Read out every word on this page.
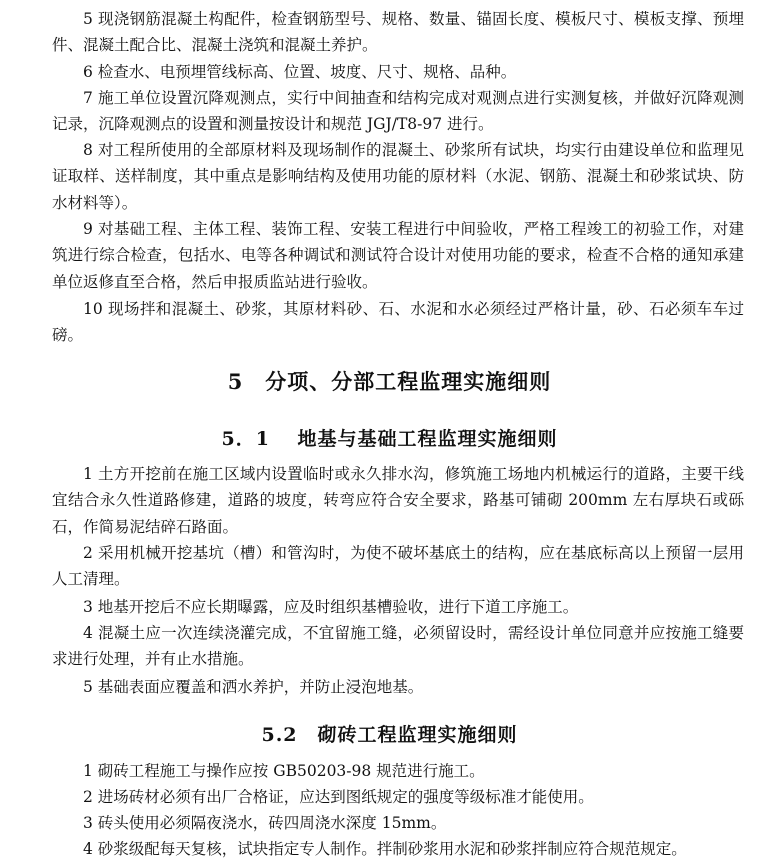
5 现浇钢筋混凝土构配件，检查钢筋型号、规格、数量、锚固长度、模板尺寸、模板支撑、预埋件、混凝土配合比、混凝土浇筑和混凝土养护。

6 检查水、电预埋管线标高、位置、坡度、尺寸、规格、品种。

7 施工单位设置沉降观测点，实行中间抽查和结构完成对观测点进行实测复核，并做好沉降观测记录，沉降观测点的设置和测量按设计和规范 JGJ/T8-97 进行。

8 对工程所使用的全部原材料及现场制作的混凝土、砂浆所有试块，均实行由建设单位和监理见证取样、送样制度，其中重点是影响结构及使用功能的原材料（水泥、钢筋、混凝土和砂浆试块、防水材料等）。

9 对基础工程、主体工程、装饰工程、安装工程进行中间验收，严格工程竣工的初验工作，对建筑进行综合检查，包括水、电等各种调试和测试符合设计对使用功能的要求，检查不合格的通知承建单位返修直至合格，然后申报质监站进行验收。

10 现场拌和混凝土、砂浆，其原材料砂、石、水泥和水必须经过严格计量，砂、石必须车车过磅。

5　分项、分部工程监理实施细则
5．1　 地基与基础工程监理实施细则

1 土方开挖前在施工区域内设置临时或永久排水沟，修筑施工场地内机械运行的道路，主要干线宜结合永久性道路修建，道路的坡度，转弯应符合安全要求，路基可铺砌 200mm 左右厚块石或砾石，作简易泥结碎石路面。

2 采用机械开挖基坑（槽）和管沟时，为使不破坏基底土的结构，应在基底标高以上预留一层用人工清理。

3 地基开挖后不应长期曝露，应及时组织基槽验收，进行下道工序施工。

4 混凝土应一次连续浇灌完成，不宜留施工缝，必须留设时，需经设计单位同意并应按施工缝要求进行处理，并有止水措施。

5 基础表面应覆盖和洒水养护，并防止浸泡地基。

5.2　砌砖工程监理实施细则

1 砌砖工程施工与操作应按 GB50203-98 规范进行施工。

2 进场砖材必须有出厂合格证，应达到图纸规定的强度等级标准才能使用。

3 砖头使用必须隔夜浇水，砖四周浇水深度 15mm。

4 砂浆级配每天复核，试块指定专人制作。拌制砂浆用水泥和砂浆拌制应符合规范规定。
